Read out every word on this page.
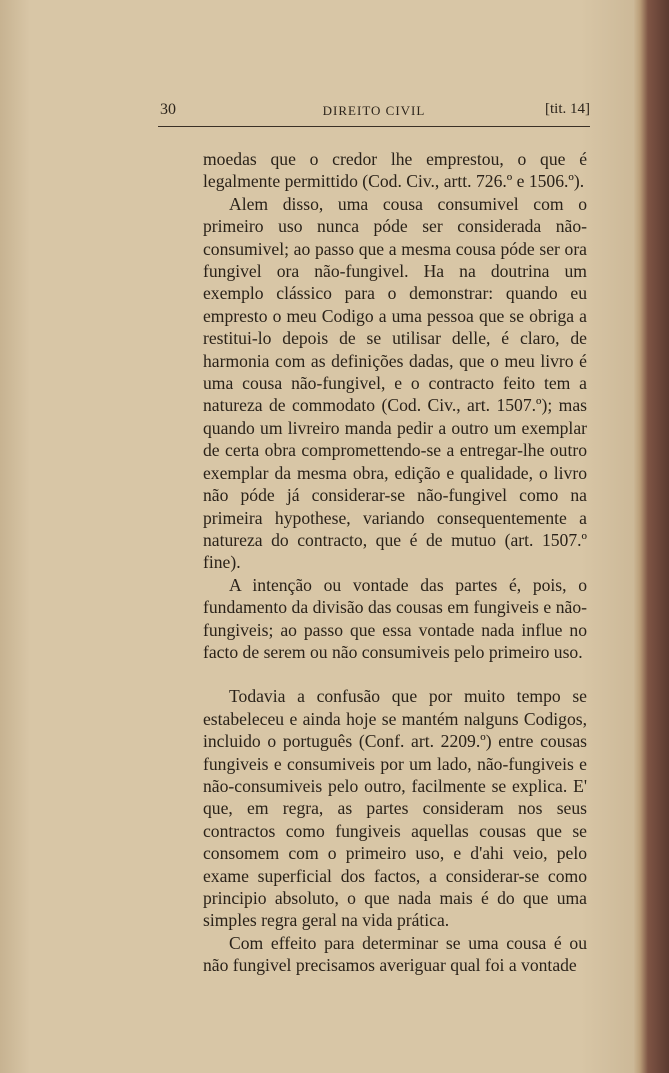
30	DIREITO CIVIL	[tit. 14]

moedas que o credor lhe emprestou, o que é legalmente permittido (Cod. Civ., artt. 726.º e 1506.º).

Alem disso, uma cousa consumivel com o primeiro uso nunca póde ser considerada não-consumivel; ao passo que a mesma cousa póde ser ora fungivel ora não-fungivel. Ha na doutrina um exemplo clássico para o demonstrar: quando eu empresto o meu Codigo a uma pessoa que se obriga a restitui-lo depois de se utilisar delle, é claro, de harmonia com as definições dadas, que o meu livro é uma cousa não-fungivel, e o contracto feito tem a natureza de commodato (Cod. Civ., art. 1507.º); mas quando um livreiro manda pedir a outro um exemplar de certa obra compromettendo-se a entregar-lhe outro exemplar da mesma obra, edição e qualidade, o livro não póde já considerar-se não-fungivel como na primeira hypothese, variando consequentemente a natureza do contracto, que é de mutuo (art. 1507.º fine).

A intenção ou vontade das partes é, pois, o fundamento da divisão das cousas em fungiveis e não-fungiveis; ao passo que essa vontade nada influe no facto de serem ou não consumiveis pelo primeiro uso.

Todavia a confusão que por muito tempo se estabeleceu e ainda hoje se mantém nalguns Codigos, incluido o português (Conf. art. 2209.º) entre cousas fungiveis e consumiveis por um lado, não-fungiveis e não-consumiveis pelo outro, facilmente se explica. E' que, em regra, as partes consideram nos seus contractos como fungiveis aquellas cousas que se consomem com o primeiro uso, e d'ahi veio, pelo exame superficial dos factos, a considerar-se como principio absoluto, o que nada mais é do que uma simples regra geral na vida prática.

Com effeito para determinar se uma cousa é ou não fungivel precisamos averiguar qual foi a vontade
